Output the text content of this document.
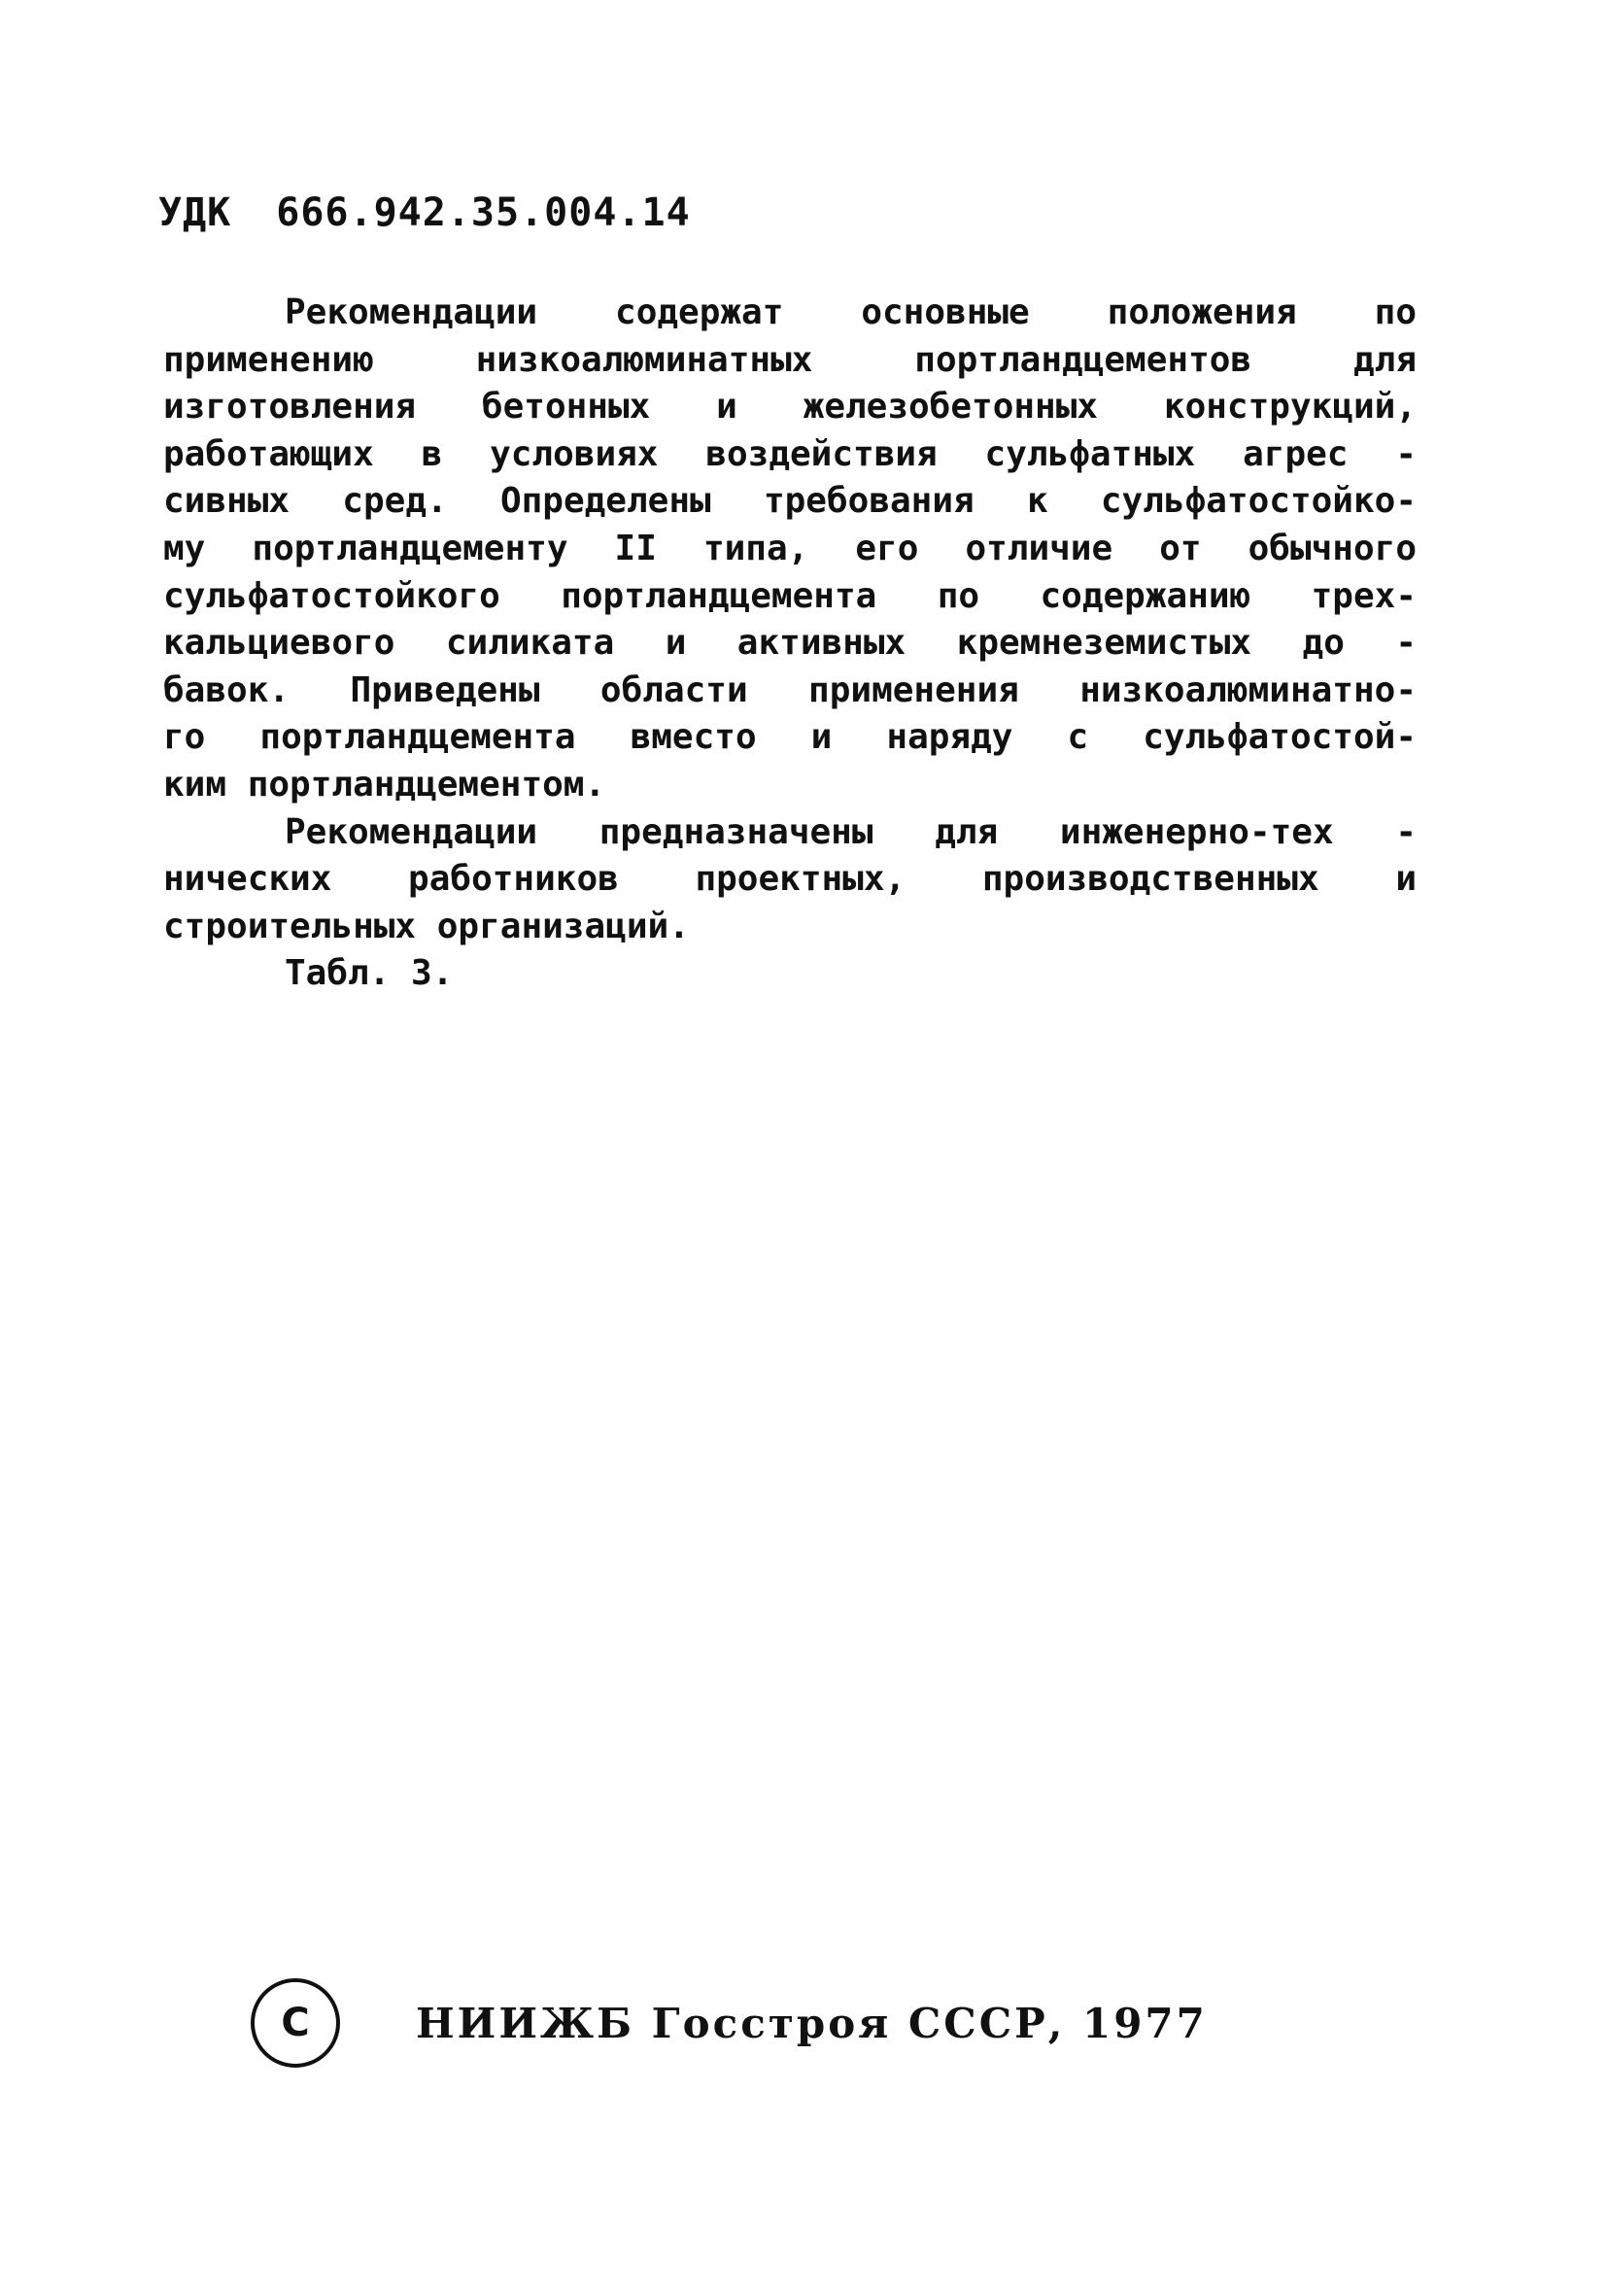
УДК 666.942.35.004.14
Рекомендации содержат основные положения по
применению низкоалюминатных портландцементов для
изготовления бетонных и железобетонных конструкций,
работающих в условиях воздействия сульфатных агрес -
сивных сред. Определены требования к сульфатостойко-
му портландцементу II типа, его отличие от обычного
сульфатостойкого портландцемента по содержанию трех-
кальциевого силиката и активных кремнеземистых до -
бавок. Приведены области применения низкоалюминатно-
го портландцемента вместо и наряду с сульфатостой-
ким портландцементом.
Рекомендации предназначены для инженерно-тех -
нических работников проектных, производственных и
строительных организаций.
Табл. 3.
С	НИИЖБ Госстроя СССР, 1977
